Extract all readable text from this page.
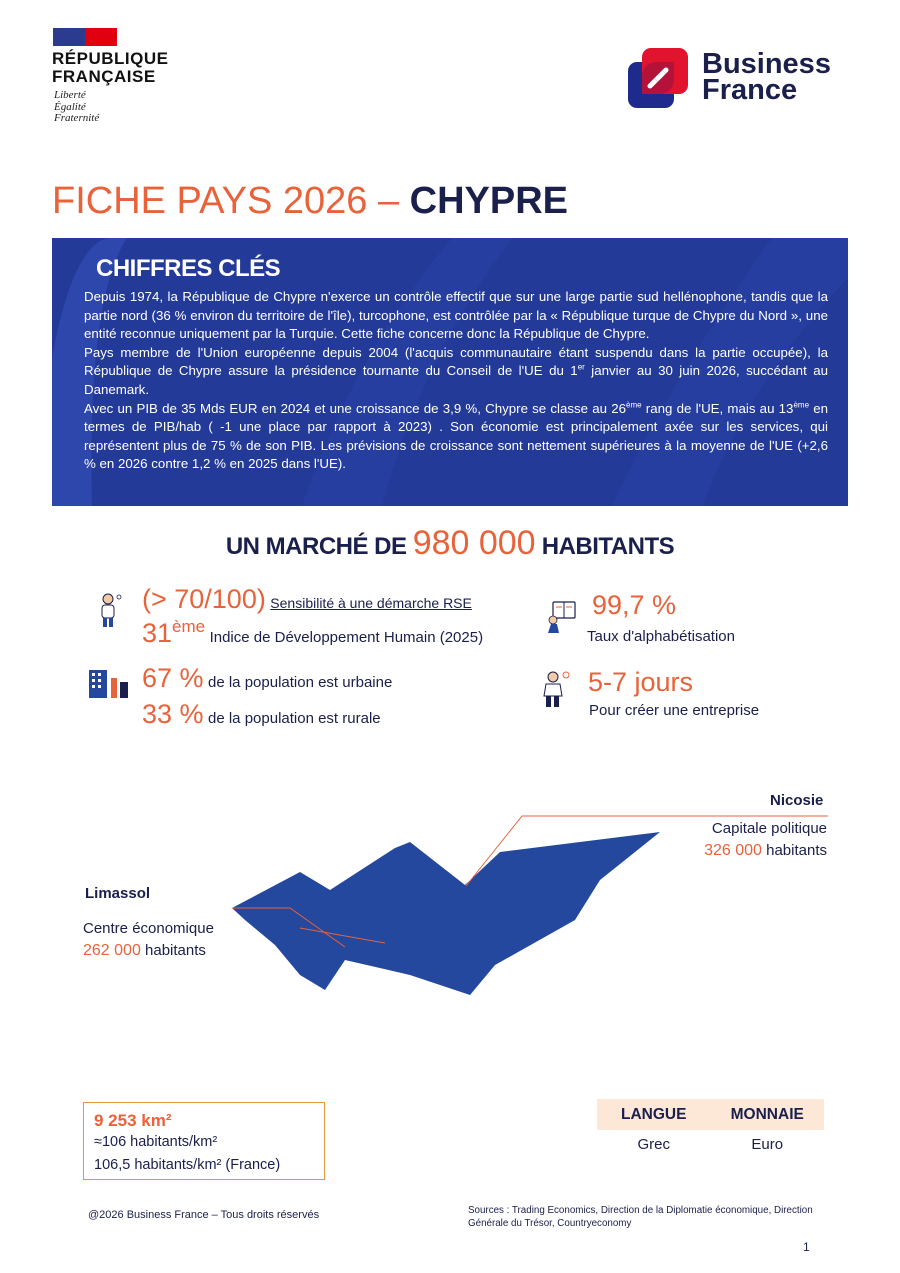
RÉPUBLIQUE
FRANÇAISE
Liberté
Égalité
Fraternité
Business
France
FICHE PAYS 2026 – CHYPRE
CHIFFRES CLÉS

Depuis 1974, la République de Chypre n'exerce un contrôle effectif que sur une large partie sud hellénophone, tandis que la partie nord (36 % environ du territoire de l'île), turcophone, est contrôlée par la « République turque de Chypre du Nord », une entité reconnue uniquement par la Turquie. Cette fiche concerne donc la République de Chypre.

Pays membre de l'Union européenne depuis 2004 (l'acquis communautaire étant suspendu dans la partie occupée), la République de Chypre assure la présidence tournante du Conseil de l'UE du 1er janvier au 30 juin 2026, succédant au Danemark.

Avec un PIB de 35 Mds EUR en 2024 et une croissance de 3,9 %, Chypre se classe au 26ème rang de l'UE, mais au 13ème en termes de PIB/hab ( -1 une place par rapport à 2023) . Son économie est principalement axée sur les services, qui représentent plus de 75 % de son PIB. Les prévisions de croissance sont nettement supérieures à la moyenne de l'UE (+2,6 % en 2026 contre 1,2 % en 2025 dans l'UE).

UN MARCHÉ DE 980 000 HABITANTS
(> 70/100) Sensibilité à une démarche RSE
31ème Indice de Développement Humain (2025)
99,7 %
Taux d'alphabétisation
67 % de la population est urbaine
33 % de la population est rurale
5-7 jours
Pour créer une entreprise
Nicosie
Capitale politique
326 000 habitants
Limassol
Centre économique
262 000 habitants
9 253 km²
≈106 habitants/km²
106,5 habitants/km² (France)
LANGUE	MONNAIE
Grec	Euro
@2026 Business France – Tous droits réservés	Sources : Trading Economics, Direction de la Diplomatie économique, Direction Générale du Trésor, Countryeconomy
1
